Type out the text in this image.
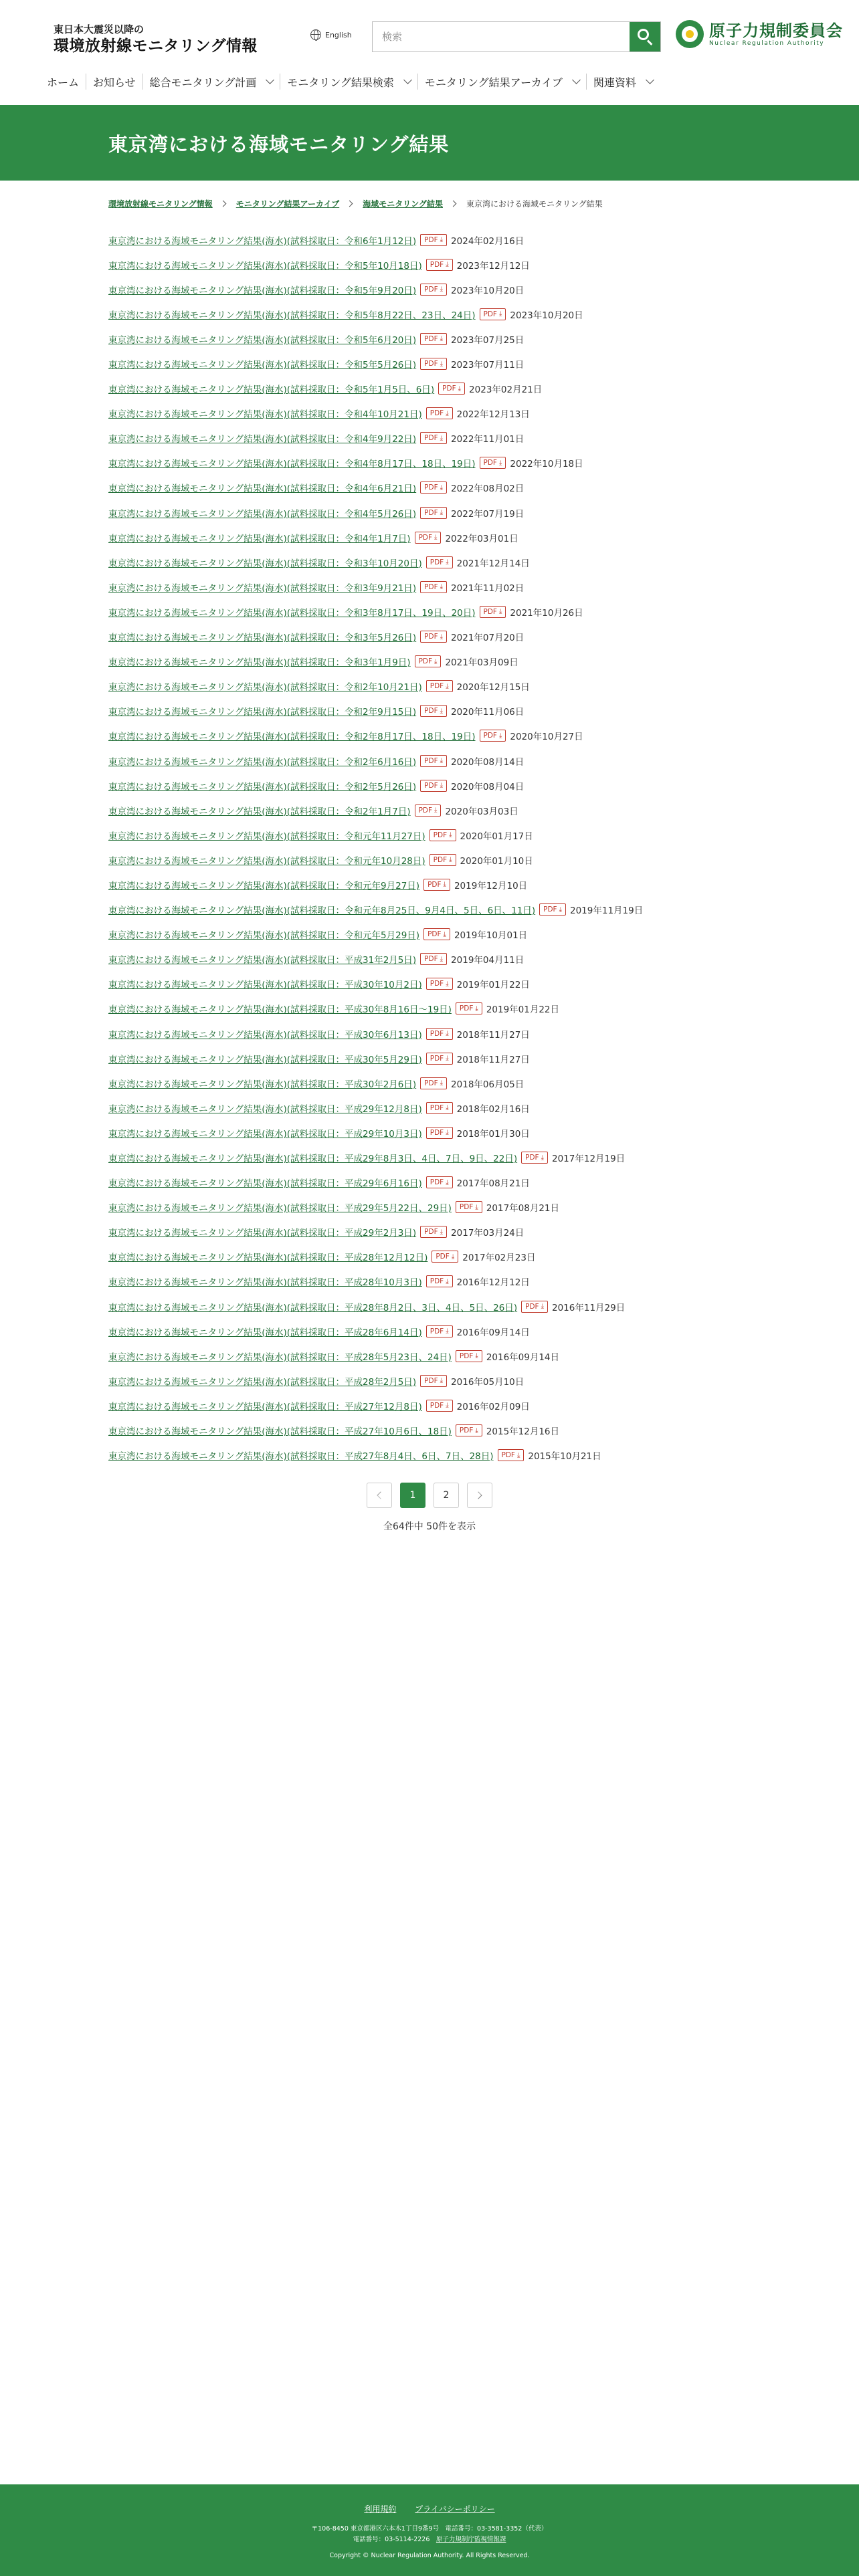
東日本大震災以降の
環境放射線モニタリング情報
English
検索	原子力規制委員会
Nuclear Regulation Authority
ホーム お知らせ 総合モニタリング計画	モニタリング結果検索	モニタリング結果アーカイブ	関連資料
東京湾における海域モニタリング結果
環境放射線モニタリング情報	モニタリング結果アーカイブ	海域モニタリング結果	東京湾における海域モニタリング結果
東京湾における海域モニタリング結果(海水)(試料採取日：令和6年1月12日) PDF ⤓ 2024年02月16日
東京湾における海域モニタリング結果(海水)(試料採取日：令和5年10月18日) PDF ⤓ 2023年12月12日
東京湾における海域モニタリング結果(海水)(試料採取日：令和5年9月20日) PDF ⤓ 2023年10月20日
東京湾における海域モニタリング結果(海水)(試料採取日：令和5年8月22日、23日、24日) PDF ⤓ 2023年10月20日
東京湾における海域モニタリング結果(海水)(試料採取日：令和5年6月20日) PDF ⤓ 2023年07月25日
東京湾における海域モニタリング結果(海水)(試料採取日：令和5年5月26日) PDF ⤓ 2023年07月11日
東京湾における海域モニタリング結果(海水)(試料採取日：令和5年1月5日、6日) PDF ⤓ 2023年02月21日
東京湾における海域モニタリング結果(海水)(試料採取日：令和4年10月21日) PDF ⤓ 2022年12月13日
東京湾における海域モニタリング結果(海水)(試料採取日：令和4年9月22日) PDF ⤓ 2022年11月01日
東京湾における海域モニタリング結果(海水)(試料採取日：令和4年8月17日、18日、19日) PDF ⤓ 2022年10月18日
東京湾における海域モニタリング結果(海水)(試料採取日：令和4年6月21日) PDF ⤓ 2022年08月02日
東京湾における海域モニタリング結果(海水)(試料採取日：令和4年5月26日) PDF ⤓ 2022年07月19日
東京湾における海域モニタリング結果(海水)(試料採取日：令和4年1月7日) PDF ⤓ 2022年03月01日
東京湾における海域モニタリング結果(海水)(試料採取日：令和3年10月20日) PDF ⤓ 2021年12月14日
東京湾における海域モニタリング結果(海水)(試料採取日：令和3年9月21日) PDF ⤓ 2021年11月02日
東京湾における海域モニタリング結果(海水)(試料採取日：令和3年8月17日、19日、20日) PDF ⤓ 2021年10月26日
東京湾における海域モニタリング結果(海水)(試料採取日：令和3年5月26日) PDF ⤓ 2021年07月20日
東京湾における海域モニタリング結果(海水)(試料採取日：令和3年1月9日) PDF ⤓ 2021年03月09日
東京湾における海域モニタリング結果(海水)(試料採取日：令和2年10月21日) PDF ⤓ 2020年12月15日
東京湾における海域モニタリング結果(海水)(試料採取日：令和2年9月15日) PDF ⤓ 2020年11月06日
東京湾における海域モニタリング結果(海水)(試料採取日：令和2年8月17日、18日、19日) PDF ⤓ 2020年10月27日
東京湾における海域モニタリング結果(海水)(試料採取日：令和2年6月16日) PDF ⤓ 2020年08月14日
東京湾における海域モニタリング結果(海水)(試料採取日：令和2年5月26日) PDF ⤓ 2020年08月04日
東京湾における海域モニタリング結果(海水)(試料採取日：令和2年1月7日) PDF ⤓ 2020年03月03日
東京湾における海域モニタリング結果(海水)(試料採取日：令和元年11月27日) PDF ⤓ 2020年01月17日
東京湾における海域モニタリング結果(海水)(試料採取日：令和元年10月28日) PDF ⤓ 2020年01月10日
東京湾における海域モニタリング結果(海水)(試料採取日：令和元年9月27日) PDF ⤓ 2019年12月10日
東京湾における海域モニタリング結果(海水)(試料採取日：令和元年8月25日、9月4日、5日、6日、11日) PDF ⤓ 2019年11月19日
東京湾における海域モニタリング結果(海水)(試料採取日：令和元年5月29日) PDF ⤓ 2019年10月01日
東京湾における海域モニタリング結果(海水)(試料採取日：平成31年2月5日) PDF ⤓ 2019年04月11日
東京湾における海域モニタリング結果(海水)(試料採取日：平成30年10月2日) PDF ⤓ 2019年01月22日
東京湾における海域モニタリング結果(海水)(試料採取日：平成30年8月16日～19日) PDF ⤓ 2019年01月22日
東京湾における海域モニタリング結果(海水)(試料採取日：平成30年6月13日) PDF ⤓ 2018年11月27日
東京湾における海域モニタリング結果(海水)(試料採取日：平成30年5月29日) PDF ⤓ 2018年11月27日
東京湾における海域モニタリング結果(海水)(試料採取日：平成30年2月6日) PDF ⤓ 2018年06月05日
東京湾における海域モニタリング結果(海水)(試料採取日：平成29年12月8日) PDF ⤓ 2018年02月16日
東京湾における海域モニタリング結果(海水)(試料採取日：平成29年10月3日) PDF ⤓ 2018年01月30日
東京湾における海域モニタリング結果(海水)(試料採取日：平成29年8月3日、4日、7日、9日、22日) PDF ⤓ 2017年12月19日
東京湾における海域モニタリング結果(海水)(試料採取日：平成29年6月16日) PDF ⤓ 2017年08月21日
東京湾における海域モニタリング結果(海水)(試料採取日：平成29年5月22日、29日) PDF ⤓ 2017年08月21日
東京湾における海域モニタリング結果(海水)(試料採取日：平成29年2月3日) PDF ⤓ 2017年03月24日
東京湾における海域モニタリング結果(海水)(試料採取日：平成28年12月12日) PDF ⤓ 2017年02月23日
東京湾における海域モニタリング結果(海水)(試料採取日：平成28年10月3日) PDF ⤓ 2016年12月12日
東京湾における海域モニタリング結果(海水)(試料採取日：平成28年8月2日、3日、4日、5日、26日) PDF ⤓ 2016年11月29日
東京湾における海域モニタリング結果(海水)(試料採取日：平成28年6月14日) PDF ⤓ 2016年09月14日
東京湾における海域モニタリング結果(海水)(試料採取日：平成28年5月23日、24日) PDF ⤓ 2016年09月14日
東京湾における海域モニタリング結果(海水)(試料採取日：平成28年2月5日) PDF ⤓ 2016年05月10日
東京湾における海域モニタリング結果(海水)(試料採取日：平成27年12月8日) PDF ⤓ 2016年02月09日
東京湾における海域モニタリング結果(海水)(試料採取日：平成27年10月6日、18日) PDF ⤓ 2015年12月16日
東京湾における海域モニタリング結果(海水)(試料採取日：平成27年8月4日、6日、7日、28日) PDF ⤓ 2015年10月21日
1	2
全64件中 50件を表示
利用規約 プライバシーポリシー
〒106-8450 東京都港区六本木1丁目9番9号　電話番号：03-3581-3352（代表）
電話番号：03-5114-2226　 原子力規制庁監視情報課
Copyright © Nuclear Regulation Authority. All Rights Reserved.
